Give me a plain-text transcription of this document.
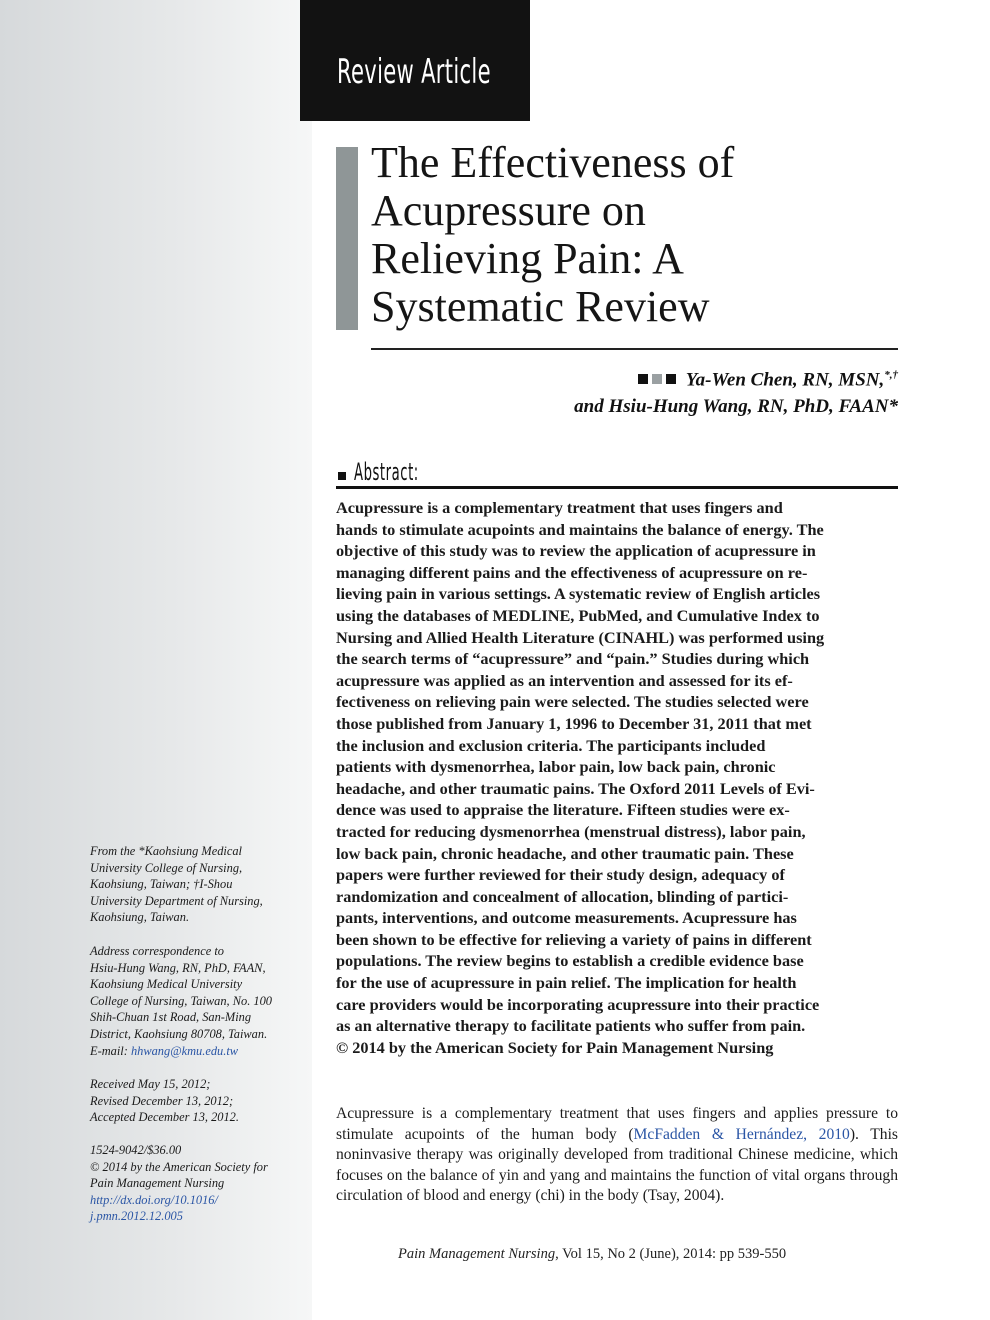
Review Article
The Effectiveness of
Acupressure on
Relieving Pain: A
Systematic Review
Ya-Wen Chen, RN, MSN,*,†
and Hsiu-Hung Wang, RN, PhD, FAAN*
Abstract:
Acupressure is a complementary treatment that uses fingers and
hands to stimulate acupoints and maintains the balance of energy. The
objective of this study was to review the application of acupressure in
managing different pains and the effectiveness of acupressure on re-
lieving pain in various settings. A systematic review of English articles
using the databases of MEDLINE, PubMed, and Cumulative Index to
Nursing and Allied Health Literature (CINAHL) was performed using
the search terms of “acupressure” and “pain.” Studies during which
acupressure was applied as an intervention and assessed for its ef-
fectiveness on relieving pain were selected. The studies selected were
those published from January 1, 1996 to December 31, 2011 that met
the inclusion and exclusion criteria. The participants included
patients with dysmenorrhea, labor pain, low back pain, chronic
headache, and other traumatic pains. The Oxford 2011 Levels of Evi-
dence was used to appraise the literature. Fifteen studies were ex-
tracted for reducing dysmenorrhea (menstrual distress), labor pain,
low back pain, chronic headache, and other traumatic pain. These
papers were further reviewed for their study design, adequacy of
randomization and concealment of allocation, blinding of partici-
pants, interventions, and outcome measurements. Acupressure has
been shown to be effective for relieving a variety of pains in different
populations. The review begins to establish a credible evidence base
for the use of acupressure in pain relief. The implication for health
care providers would be incorporating acupressure into their practice
as an alternative therapy to facilitate patients who suffer from pain.
© 2014 by the American Society for Pain Management Nursing
Acupressure is a complementary treatment that uses fingers and applies pressure to stimulate acupoints of the human body (McFadden & Hernández, 2010). This noninvasive therapy was originally developed from traditional Chinese medicine, which focuses on the balance of yin and yang and maintains the function of vital organs through circulation of blood and energy (chi) in the body (Tsay, 2004).
Pain Management Nursing, Vol 15, No 2 (June), 2014: pp 539-550
From the *Kaohsiung Medical
University College of Nursing,
Kaohsiung, Taiwan; †I-Shou
University Department of Nursing,
Kaohsiung, Taiwan.
Address correspondence to
Hsiu-Hung Wang, RN, PhD, FAAN,
Kaohsiung Medical University
College of Nursing, Taiwan, No. 100
Shih-Chuan 1st Road, San-Ming
District, Kaohsiung 80708, Taiwan.
E-mail: hhwang@kmu.edu.tw
Received May 15, 2012;
Revised December 13, 2012;
Accepted December 13, 2012.
1524-9042/$36.00
© 2014 by the American Society for
Pain Management Nursing
http://dx.doi.org/10.1016/
j.pmn.2012.12.005
